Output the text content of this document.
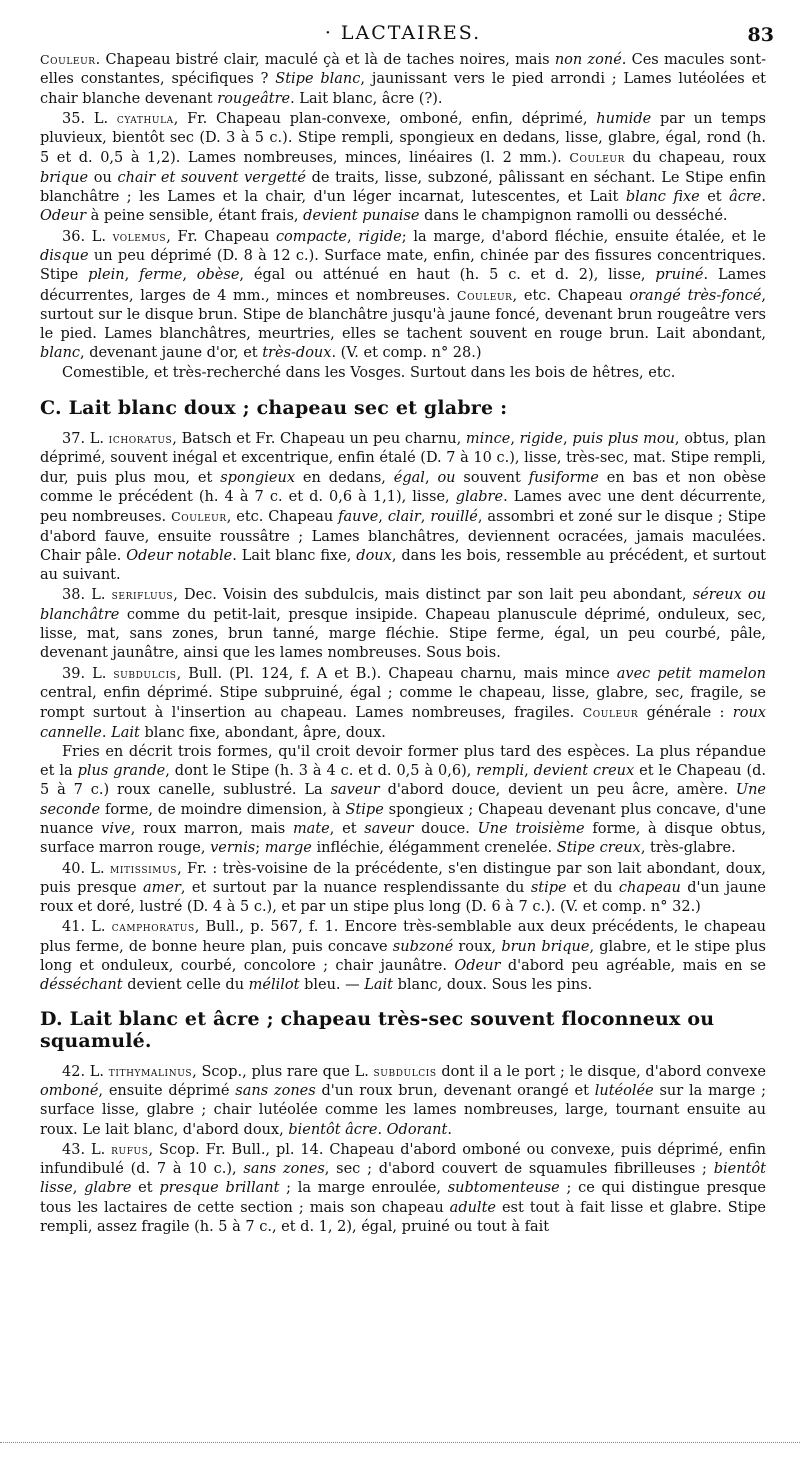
· LACTAIRES.	83

Couleur. Chapeau bistré clair, maculé çà et là de taches noires, mais non zoné. Ces macules sont-elles constantes, spécifiques ? Stipe blanc, jaunissant vers le pied arrondi ; Lames lutéolées et chair blanche devenant rougeâtre. Lait blanc, âcre (?).

35. L. cyathula, Fr. Chapeau plan-convexe, omboné, enfin, déprimé, humide par un temps pluvieux, bientôt sec (D. 3 à 5 c.). Stipe rempli, spongieux en dedans, lisse, glabre, égal, rond (h. 5 et d. 0,5 à 1,2). Lames nombreuses, minces, linéaires (l. 2 mm.). Couleur du chapeau, roux brique ou chair et souvent vergetté de traits, lisse, subzoné, pâlissant en séchant. Le Stipe enfin blanchâtre ; les Lames et la chair, d'un léger incarnat, lutescentes, et Lait blanc fixe et âcre. Odeur à peine sensible, étant frais, devient punaise dans le champignon ramolli ou desséché.

36. L. volemus, Fr. Chapeau compacte, rigide; la marge, d'abord fléchie, ensuite étalée, et le disque un peu déprimé (D. 8 à 12 c.). Surface mate, enfin, chinée par des fissures concentriques. Stipe plein, ferme, obèse, égal ou atténué en haut (h. 5 c. et d. 2), lisse, pruiné. Lames décurrentes, larges de 4 mm., minces et nombreuses. Couleur, etc. Chapeau orangé très-foncé, surtout sur le disque brun. Stipe de blanchâtre jusqu'à jaune foncé, devenant brun rougeâtre vers le pied. Lames blanchâtres, meurtries, elles se tachent souvent en rouge brun. Lait abondant, blanc, devenant jaune d'or, et très-doux. (V. et comp. n° 28.)

Comestible, et très-recherché dans les Vosges. Surtout dans les bois de hêtres, etc.

C. Lait blanc doux ; chapeau sec et glabre :

37. L. ichoratus, Batsch et Fr. Chapeau un peu charnu, mince, rigide, puis plus mou, obtus, plan déprimé, souvent inégal et excentrique, enfin étalé (D. 7 à 10 c.), lisse, très-sec, mat. Stipe rempli, dur, puis plus mou, et spongieux en dedans, égal, ou souvent fusiforme en bas et non obèse comme le précédent (h. 4 à 7 c. et d. 0,6 à 1,1), lisse, glabre. Lames avec une dent décurrente, peu nombreuses. Couleur, etc. Chapeau fauve, clair, rouillé, assombri et zoné sur le disque ; Stipe d'abord fauve, ensuite roussâtre ; Lames blanchâtres, deviennent ocracées, jamais maculées. Chair pâle. Odeur notable. Lait blanc fixe, doux, dans les bois, ressemble au précédent, et surtout au suivant.

38. L. serifluus, Dec. Voisin des subdulcis, mais distinct par son lait peu abondant, séreux ou blanchâtre comme du petit-lait, presque insipide. Chapeau planuscule déprimé, onduleux, sec, lisse, mat, sans zones, brun tanné, marge fléchie. Stipe ferme, égal, un peu courbé, pâle, devenant jaunâtre, ainsi que les lames nombreuses. Sous bois.

39. L. subdulcis, Bull. (Pl. 124, f. A et B.). Chapeau charnu, mais mince avec petit mamelon central, enfin déprimé. Stipe subpruiné, égal ; comme le chapeau, lisse, glabre, sec, fragile, se rompt surtout à l'insertion au chapeau. Lames nombreuses, fragiles. Couleur générale : roux cannelle. Lait blanc fixe, abondant, âpre, doux.

Fries en décrit trois formes, qu'il croit devoir former plus tard des espèces. La plus répandue et la plus grande, dont le Stipe (h. 3 à 4 c. et d. 0,5 à 0,6), rempli, devient creux et le Chapeau (d. 5 à 7 c.) roux canelle, sublustré. La saveur d'abord douce, devient un peu âcre, amère. Une seconde forme, de moindre dimension, à Stipe spongieux ; Chapeau devenant plus concave, d'une nuance vive, roux marron, mais mate, et saveur douce. Une troisième forme, à disque obtus, surface marron rouge, vernis; marge infléchie, élégamment crenelée. Stipe creux, très-glabre.

40. L. mitissimus, Fr. : très-voisine de la précédente, s'en distingue par son lait abondant, doux, puis presque amer, et surtout par la nuance resplendissante du stipe et du chapeau d'un jaune roux et doré, lustré (D. 4 à 5 c.), et par un stipe plus long (D. 6 à 7 c.). (V. et comp. n° 32.)

41. L. camphoratus, Bull., p. 567, f. 1. Encore très-semblable aux deux précédents, le chapeau plus ferme, de bonne heure plan, puis concave subzoné roux, brun brique, glabre, et le stipe plus long et onduleux, courbé, concolore ; chair jaunâtre. Odeur d'abord peu agréable, mais en se désséchant devient celle du mélilot bleu. — Lait blanc, doux. Sous les pins.

D. Lait blanc et âcre ; chapeau très-sec souvent floconneux ou squamulé.

42. L. tithymalinus, Scop., plus rare que L. subdulcis dont il a le port ; le disque, d'abord convexe omboné, ensuite déprimé sans zones d'un roux brun, devenant orangé et lutéolée sur la marge ; surface lisse, glabre ; chair lutéolée comme les lames nombreuses, large, tournant ensuite au roux. Le lait blanc, d'abord doux, bientôt âcre. Odorant.

43. L. rufus, Scop. Fr. Bull., pl. 14. Chapeau d'abord omboné ou convexe, puis déprimé, enfin infundibulé (d. 7 à 10 c.), sans zones, sec ; d'abord couvert de squamules fibrilleuses ; bientôt lisse, glabre et presque brillant ; la marge enroulée, subtomenteuse ; ce qui distingue presque tous les lactaires de cette section ; mais son chapeau adulte est tout à fait lisse et glabre. Stipe rempli, assez fragile (h. 5 à 7 c., et d. 1, 2), égal, pruiné ou tout à fait
